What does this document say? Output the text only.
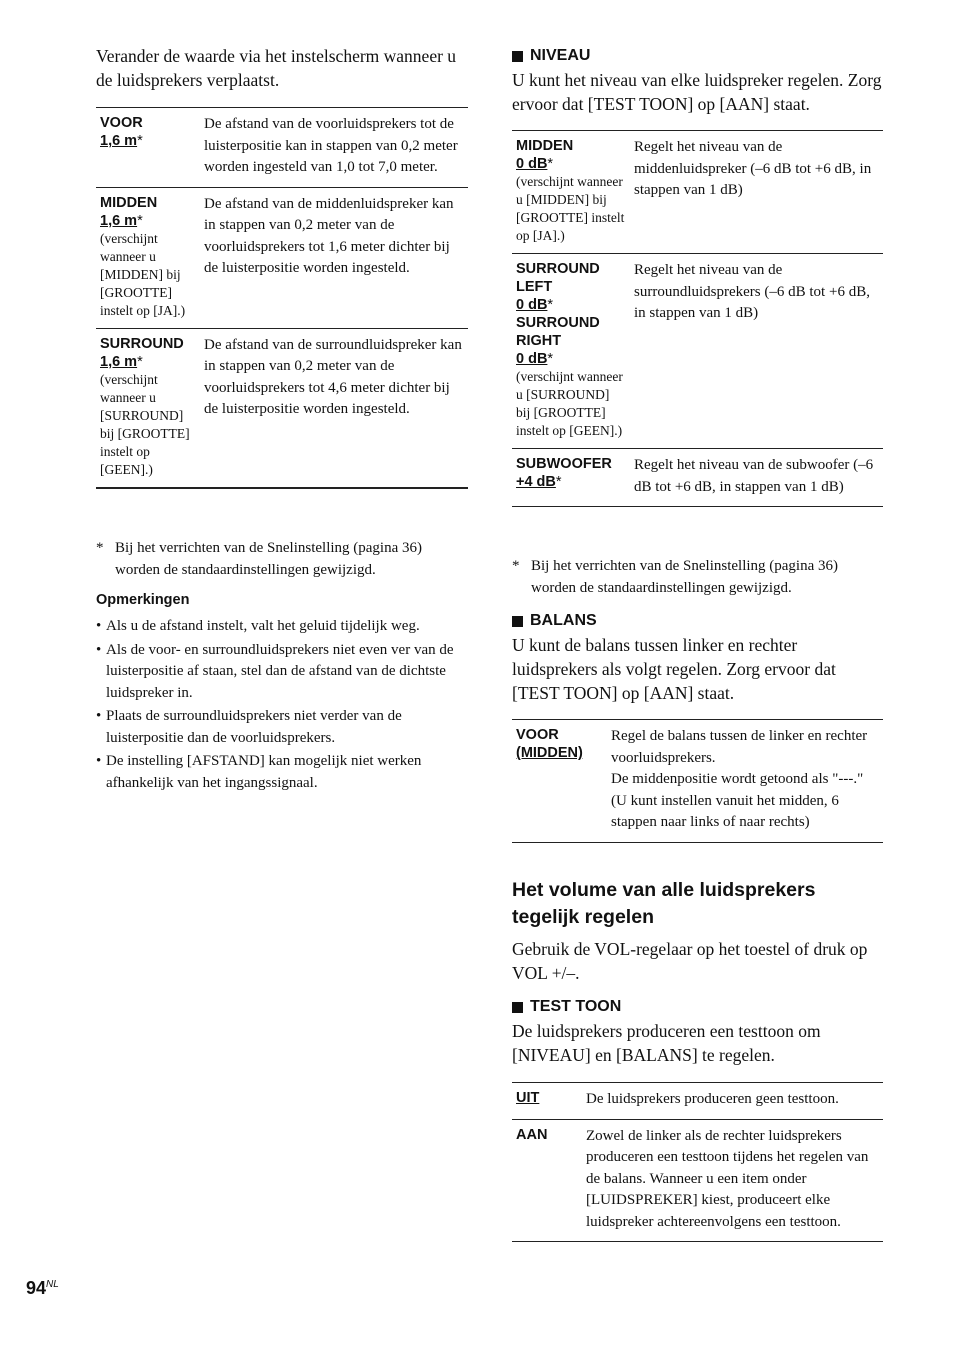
Verander de waarde via het instelscherm wanneer u de luidsprekers verplaatst.
VOOR
1,6 m*	De afstand van de voorluidsprekers tot de luisterpositie kan in stappen van 0,2 meter worden ingesteld van 1,0 tot 7,0 meter.

MIDDEN
1,6 m*
(verschijnt wanneer u [MIDDEN] bij [GROOTTE] instelt op [JA].)	De afstand van de middenluidspreker kan in stappen van 0,2 meter van de voorluidsprekers tot 1,6 meter dichter bij de luisterpositie worden ingesteld.

SURROUND
1,6 m*
(verschijnt wanneer u [SURROUND] bij [GROOTTE] instelt op [GEEN].)	De afstand van de surroundluidspreker kan in stappen van 0,2 meter van de voorluidsprekers tot 4,6 meter dichter bij de luisterpositie worden ingesteld.
* Bij het verrichten van de Snelinstelling (pagina 36) worden de standaardinstellingen gewijzigd.
Opmerkingen
• Als u de afstand instelt, valt het geluid tijdelijk weg.
• Als de voor- en surroundluidsprekers niet even ver van de luisterpositie af staan, stel dan de afstand van de dichtste luidspreker in.
• Plaats de surroundluidsprekers niet verder van de luisterpositie dan de voorluidsprekers.
• De instelling [AFSTAND] kan mogelijk niet werken afhankelijk van het ingangssignaal.
NIVEAU
U kunt het niveau van elke luidspreker regelen. Zorg ervoor dat [TEST TOON] op [AAN] staat.
MIDDEN
0 dB*
(verschijnt wanneer u [MIDDEN] bij [GROOTTE] instelt op [JA].)	Regelt het niveau van de middenluidspreker (–6 dB tot +6 dB, in stappen van 1 dB)

SURROUND LEFT
0 dB*
SURROUND RIGHT
0 dB*
(verschijnt wanneer u [SURROUND] bij [GROOTTE] instelt op [GEEN].)	Regelt het niveau van de surroundluidsprekers (–6 dB tot +6 dB, in stappen van 1 dB)

SUBWOOFER
+4 dB*	Regelt het niveau van de subwoofer (–6 dB tot +6 dB, in stappen van 1 dB)
* Bij het verrichten van de Snelinstelling (pagina 36) worden de standaardinstellingen gewijzigd.
BALANS
U kunt de balans tussen linker en rechter luidsprekers als volgt regelen. Zorg ervoor dat [TEST TOON] op [AAN] staat.
VOOR
(MIDDEN)

Regel de balans tussen de linker en rechter voorluidsprekers.
De middenpositie wordt getoond als "---." (U kunt instellen vanuit het midden, 6 stappen naar links of naar rechts)
Het volume van alle luidsprekers tegelijk regelen
Gebruik de VOL-regelaar op het toestel of druk op VOL +/–.
TEST TOON
De luidsprekers produceren een testtoon om [NIVEAU] en [BALANS] te regelen.
UIT	De luidsprekers produceren geen testtoon.

AAN	Zowel de linker als de rechter luidsprekers produceren een testtoon tijdens het regelen van de balans. Wanneer u een item onder [LUIDSPREKER] kiest, produceert elke luidspreker achtereenvolgens een testtoon.
$94^{NL}$
